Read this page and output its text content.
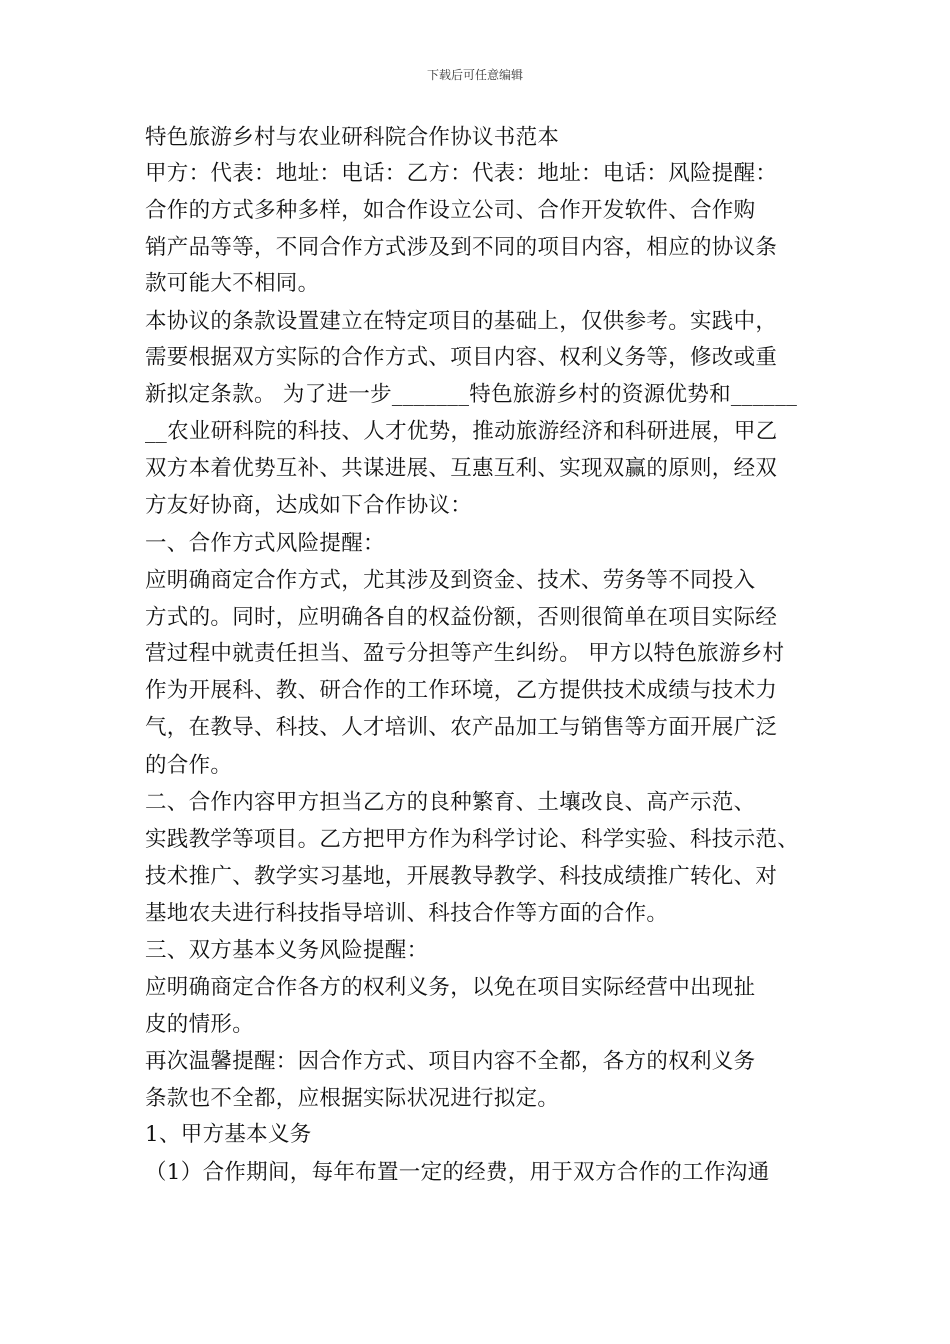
下载后可任意编辑
特色旅游乡村与农业研科院合作协议书范本
甲方：代表：地址：电话：乙方：代表：地址：电话：风险提醒：
合作的方式多种多样，如合作设立公司、合作开发软件、合作购
销产品等等，不同合作方式涉及到不同的项目内容，相应的协议条
款可能大不相同。
本协议的条款设置建立在特定项目的基础上，仅供参考。实践中，
需要根据双方实际的合作方式、项目内容、权利义务等，修改或重
新拟定条款。 为了进一步_______特色旅游乡村的资源优势和______
__农业研科院的科技、人才优势，推动旅游经济和科研进展，甲乙
双方本着优势互补、共谋进展、互惠互利、实现双赢的原则，经双
方友好协商，达成如下合作协议：
一、合作方式风险提醒：
应明确商定合作方式，尤其涉及到资金、技术、劳务等不同投入
方式的。同时，应明确各自的权益份额，否则很简单在项目实际经
营过程中就责任担当、盈亏分担等产生纠纷。 甲方以特色旅游乡村
作为开展科、教、研合作的工作环境，乙方提供技术成绩与技术力
气，在教导、科技、人才培训、农产品加工与销售等方面开展广泛
的合作。
二、合作内容甲方担当乙方的良种繁育、土壤改良、高产示范、
实践教学等项目。乙方把甲方作为科学讨论、科学实验、科技示范、
技术推广、教学实习基地，开展教导教学、科技成绩推广转化、对
基地农夫进行科技指导培训、科技合作等方面的合作。
三、双方基本义务风险提醒：
应明确商定合作各方的权利义务，以免在项目实际经营中出现扯
皮的情形。
再次温馨提醒：因合作方式、项目内容不全都，各方的权利义务
条款也不全都，应根据实际状况进行拟定。
1、甲方基本义务
（1）合作期间，每年布置一定的经费，用于双方合作的工作沟通
